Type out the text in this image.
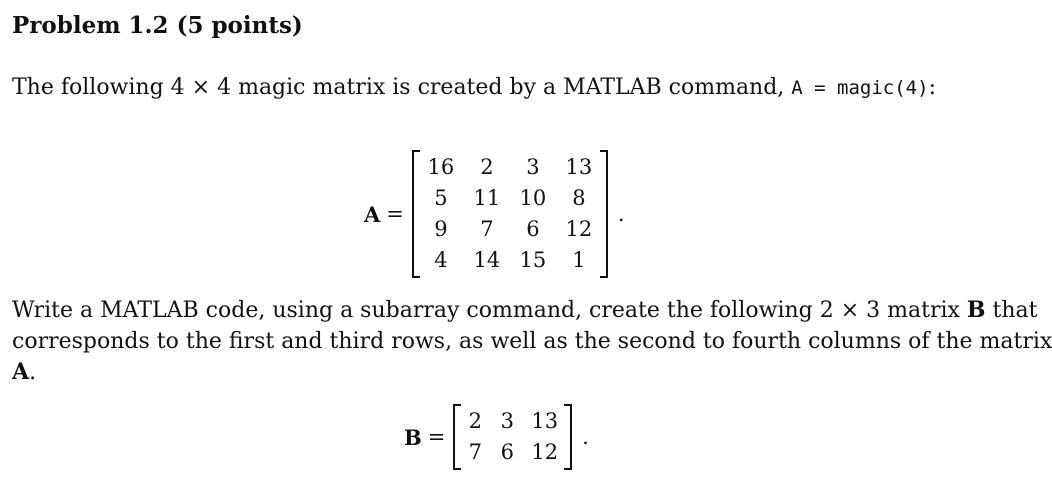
Problem 1.2 (5 points)
The following 4 × 4 magic matrix is created by a MATLAB command, A = magic(4):
A =
16	2	3	13
5	11	10	8
9	7	6	12
4	14	15	1
.
Write a MATLAB code, using a subarray command, create the following 2 × 3 matrix B that
corresponds to the first and third rows, as well as the second to fourth columns of the matrix
A.
B =
2	3	13
7	6	12
.
